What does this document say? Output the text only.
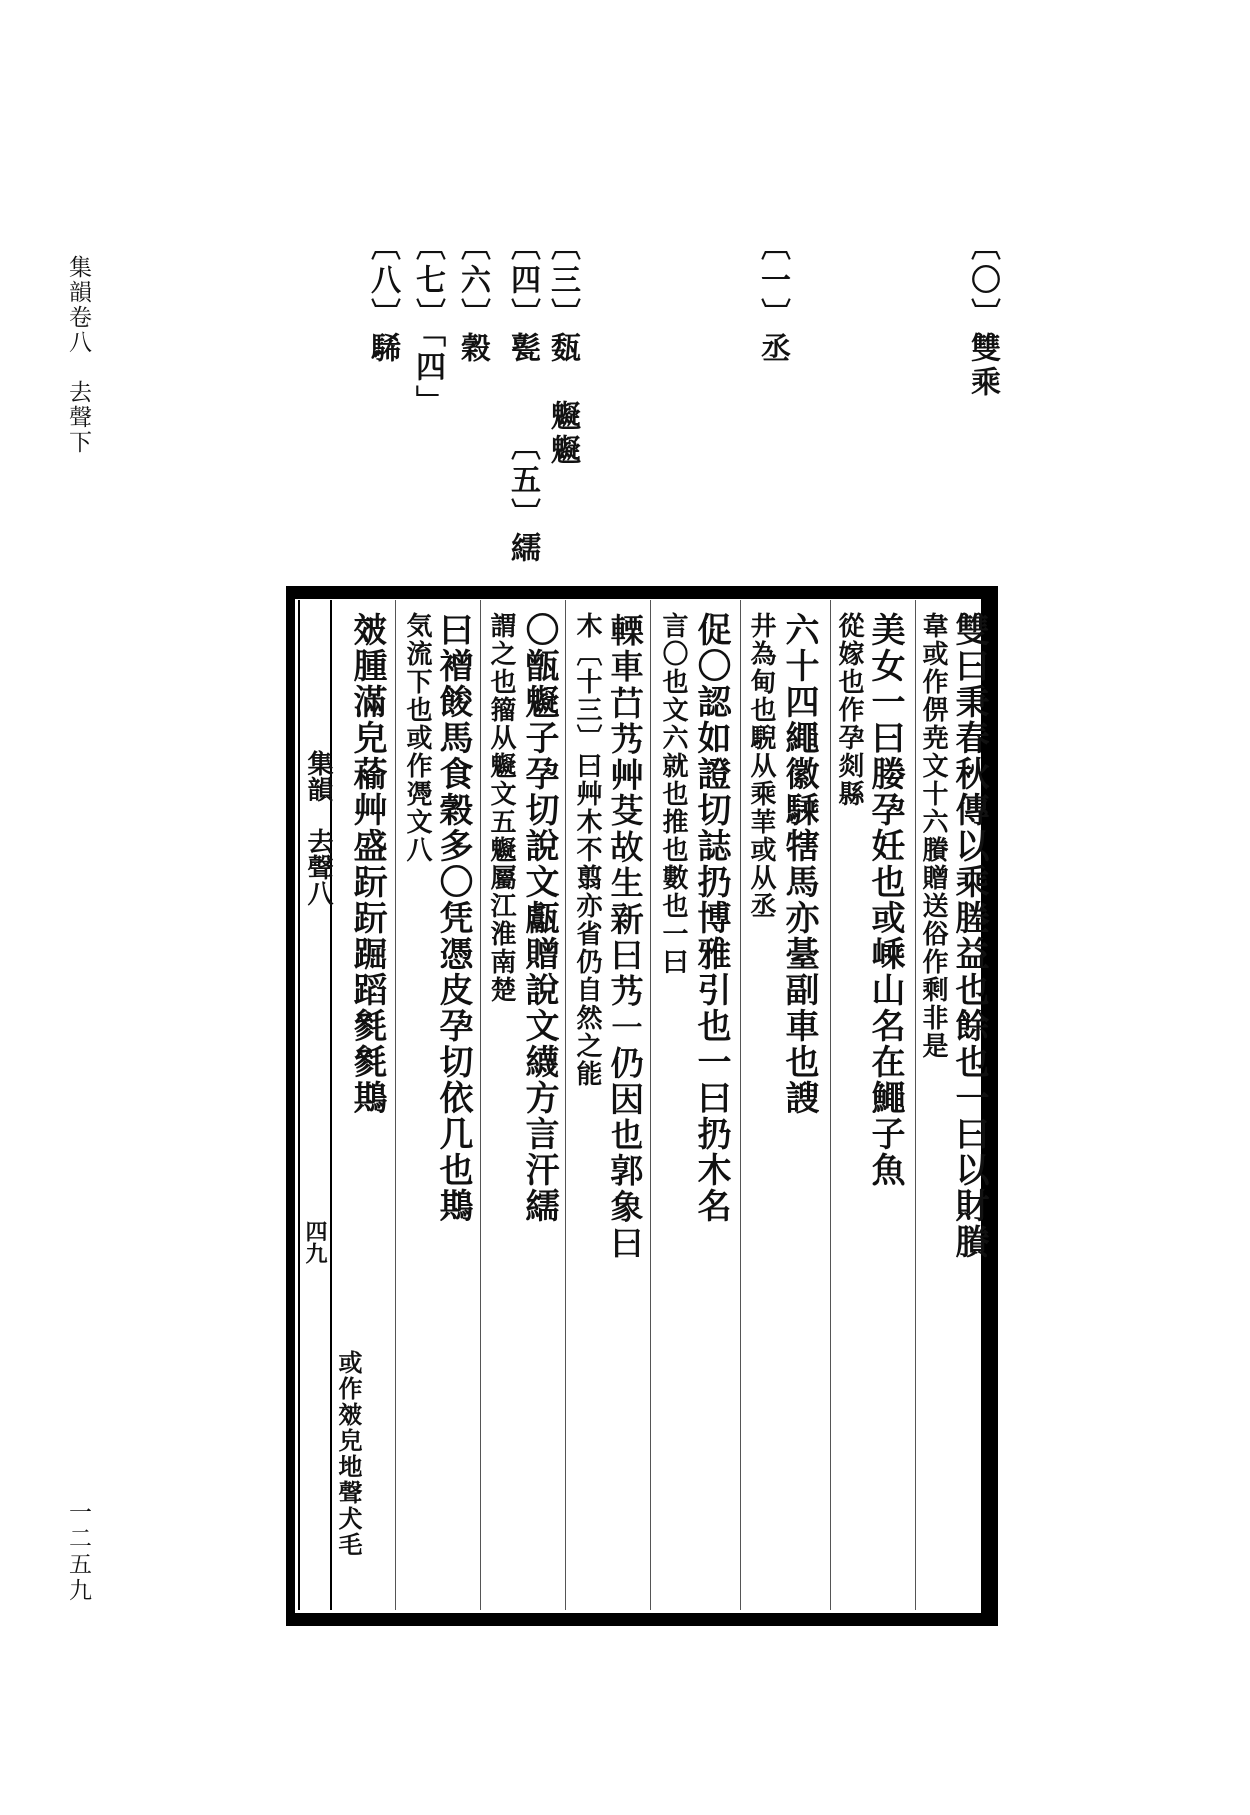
集韻卷八　去聲下
一二五九
〔〇〕雙乘
〔一〕丞
〔三〕瓾　䰯䰯
〔五〕繻
〔四〕甏
〔六〕穀
〔七〕「四」
〔八〕䮎
集韻　去聲八
四九	雙曰秉春秋傳以乘塍益也餘也一曰以財賸
韋或作㑭尭文十六賸贈送俗作剩非是
美女一曰媵孕妊也或嵊山名在鱦子魚
從嫁也作孕剡縣
六十四繩徽騬犗馬亦䑓副車也謏
井為甸也䮘从乘䒠或从丞
促〇認如證切誌扔博雅引也一曰扔木名
言〇也文六就也推也數也一曰
𨍫車𦬅艿艸芟故生新曰艿一仍因也郭象曰
木〔十三〕曰艸木不翦亦省仍自然之能
〇甑䰯子孕切說文甗贈說文䌩方言汗繻
謂之也籀从䰯文五䰯屬江淮南楚
曰䙢餕馬食穀多〇凭憑皮孕切依几也䳢
気流下也或作凴文八
㿰腫滿皃䕆艸盛䟚䟚䠇蹈毿毿䳢
或作㿰皃地聲犬毛
